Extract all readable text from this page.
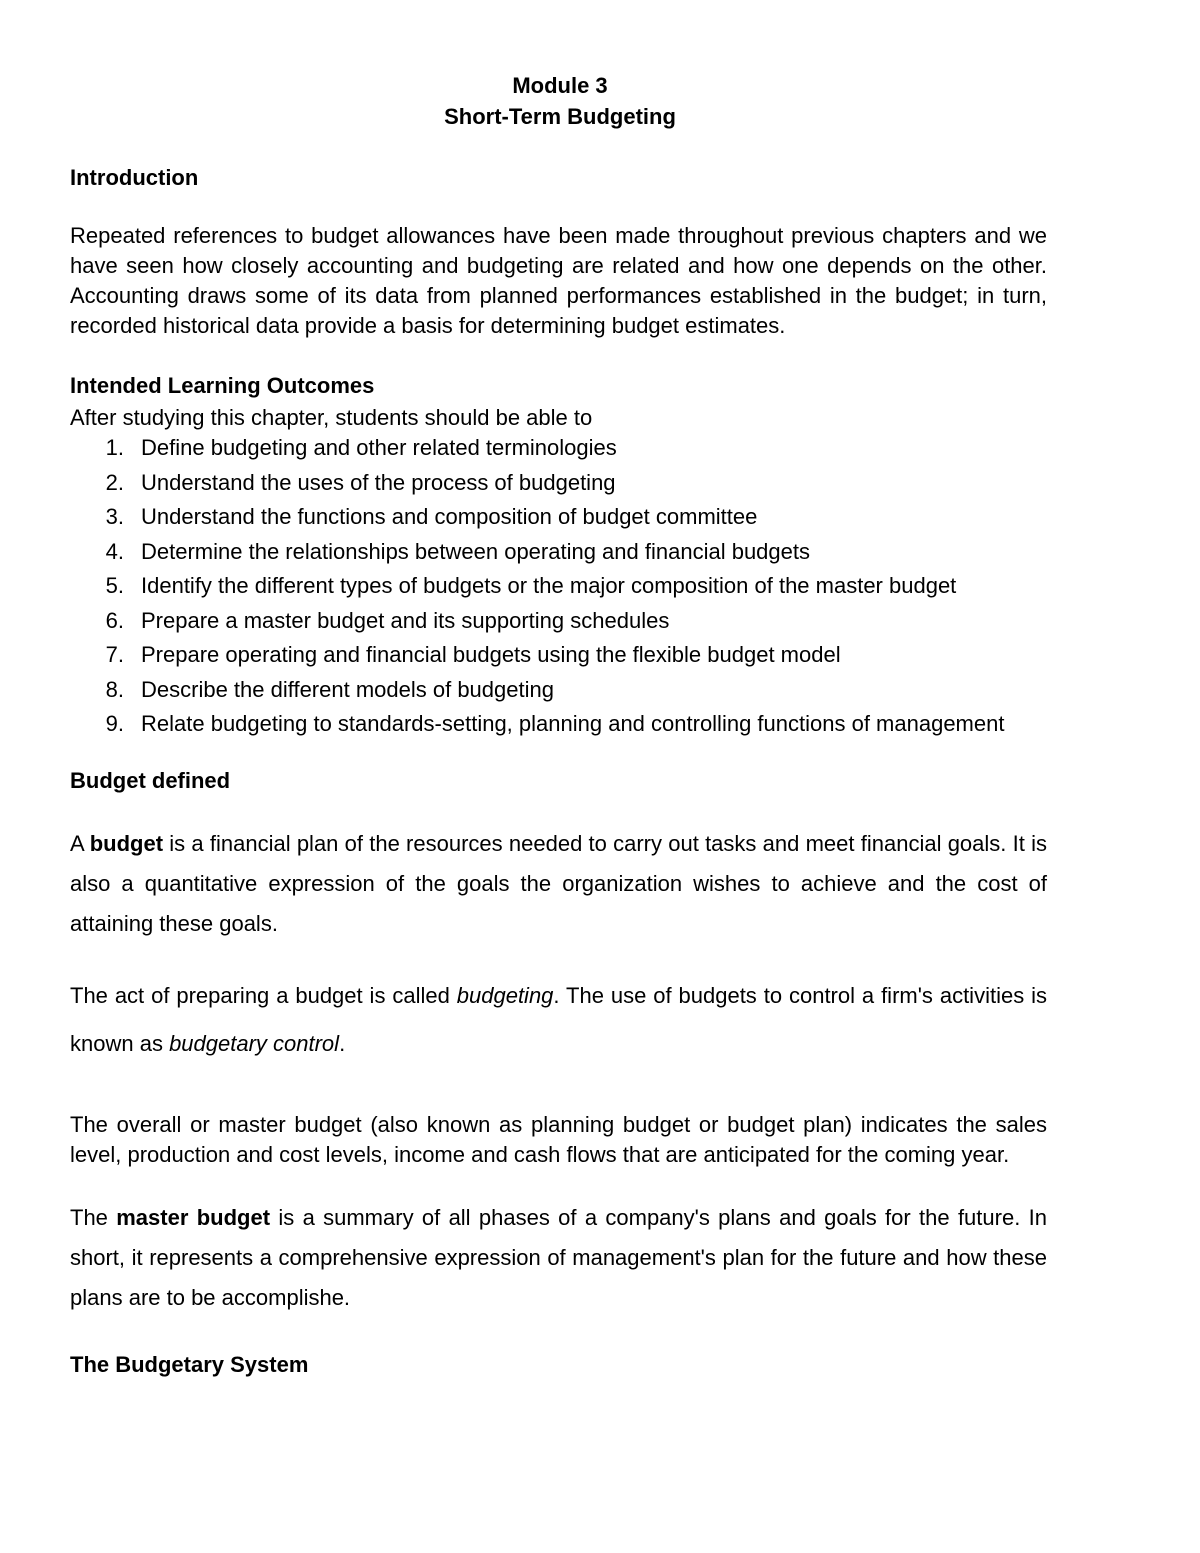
Module 3
Short-Term Budgeting

Introduction

Repeated references to budget allowances have been made throughout previous chapters and we have seen how closely accounting and budgeting are related and how one depends on the other. Accounting draws some of its data from planned performances established in the budget; in turn, recorded historical data provide a basis for determining budget estimates.

Intended Learning Outcomes

After studying this chapter, students should be able to

1. Define budgeting and other related terminologies
2. Understand the uses of the process of budgeting
3. Understand the functions and composition of budget committee
4. Determine the relationships between operating and financial budgets
5. Identify the different types of budgets or the major composition of the master budget
6. Prepare a master budget and its supporting schedules
7. Prepare operating and financial budgets using the flexible budget model
8. Describe the different models of budgeting
9. Relate budgeting to standards-setting, planning and controlling functions of management

Budget defined

A budget is a financial plan of the resources needed to carry out tasks and meet financial goals. It is also a quantitative expression of the goals the organization wishes to achieve and the cost of attaining these goals.

The act of preparing a budget is called budgeting. The use of budgets to control a firm's activities is known as budgetary control.

The overall or master budget (also known as planning budget or budget plan) indicates the sales level, production and cost levels, income and cash flows that are anticipated for the coming year.

The master budget is a summary of all phases of a company's plans and goals for the future. In short, it represents a comprehensive expression of management's plan for the future and how these plans are to be accomplishe.

The Budgetary System
